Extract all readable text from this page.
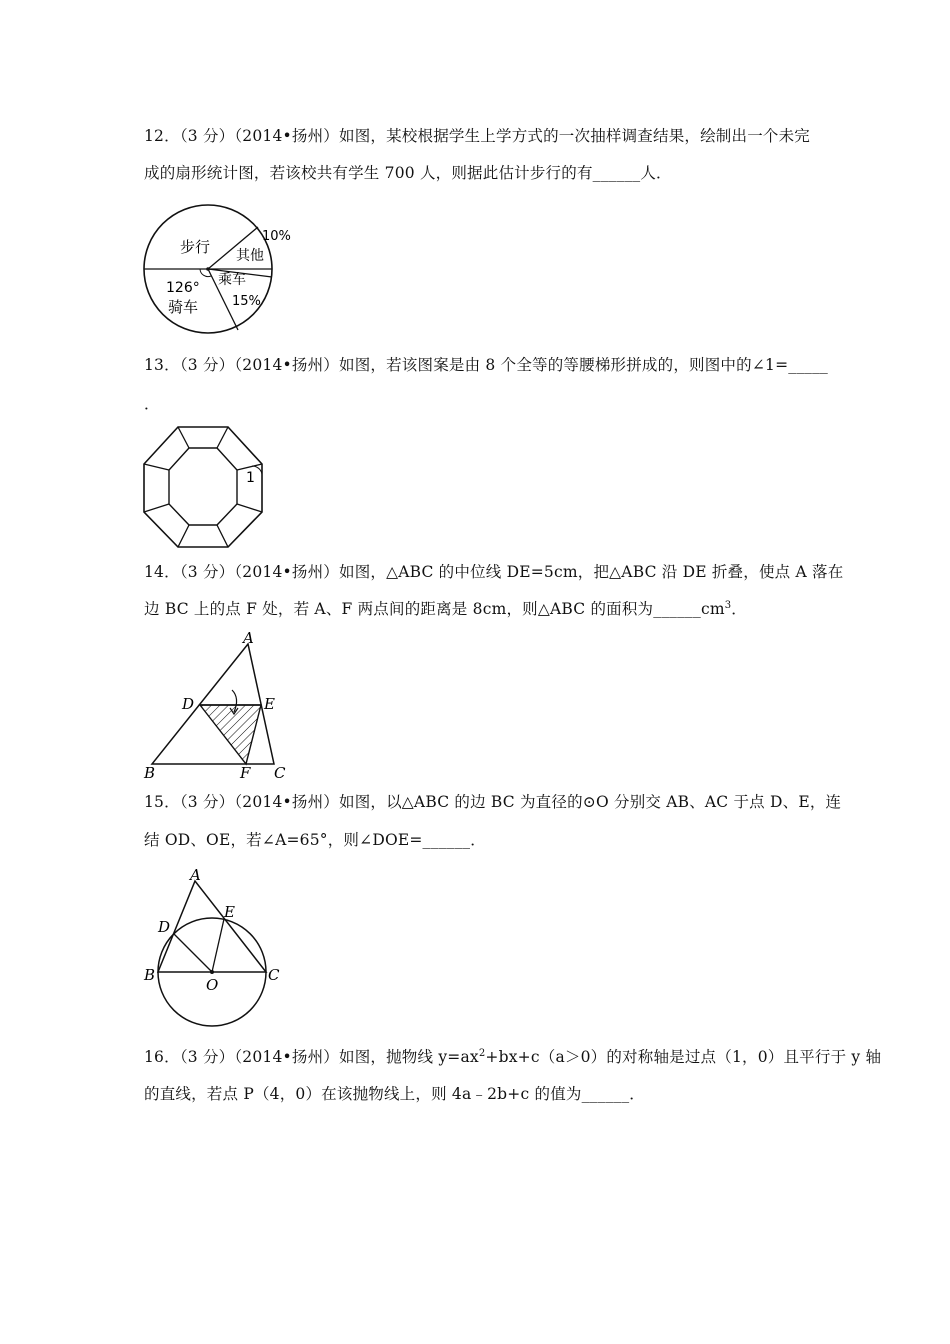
12．（3 分）（2014•扬州）如图，某校根据学生上学方式的一次抽样调查结果，绘制出一个未完
成的扇形统计图，若该校共有学生 700 人，则据此估计步行的有______人．
步行 其他
10%
乘车
15%
126°
骑车
13．（3 分）（2014•扬州）如图，若该图案是由 8 个全等的等腰梯形拼成的，则图中的∠1=_____
．
1
14．（3 分）（2014•扬州）如图，△ABC 的中位线 DE=5cm，把△ABC 沿 DE 折叠，使点 A 落在
边 BC 上的点 F 处，若 A、F 两点间的距离是 8cm，则△ABC 的面积为$\_\_\_\_\_\_cm^3$．
A
B	C
D	E
F
15．（3 分）（2014•扬州）如图，以△ABC 的边 BC 为直径的⊙O 分别交 AB、AC 于点 D、E，连
结 OD、OE，若∠A=65°，则∠DOE=______．
A
B	C
D
E
O
16．（3 分）（2014•扬州）如图，抛物线 $y=ax^2+bx+c(a>0)$的对称轴是过点（1，0）且平行于 y 轴
的直线，若点 P（4，0）在该抛物线上，则 4a﹣2b+c 的值为______．
